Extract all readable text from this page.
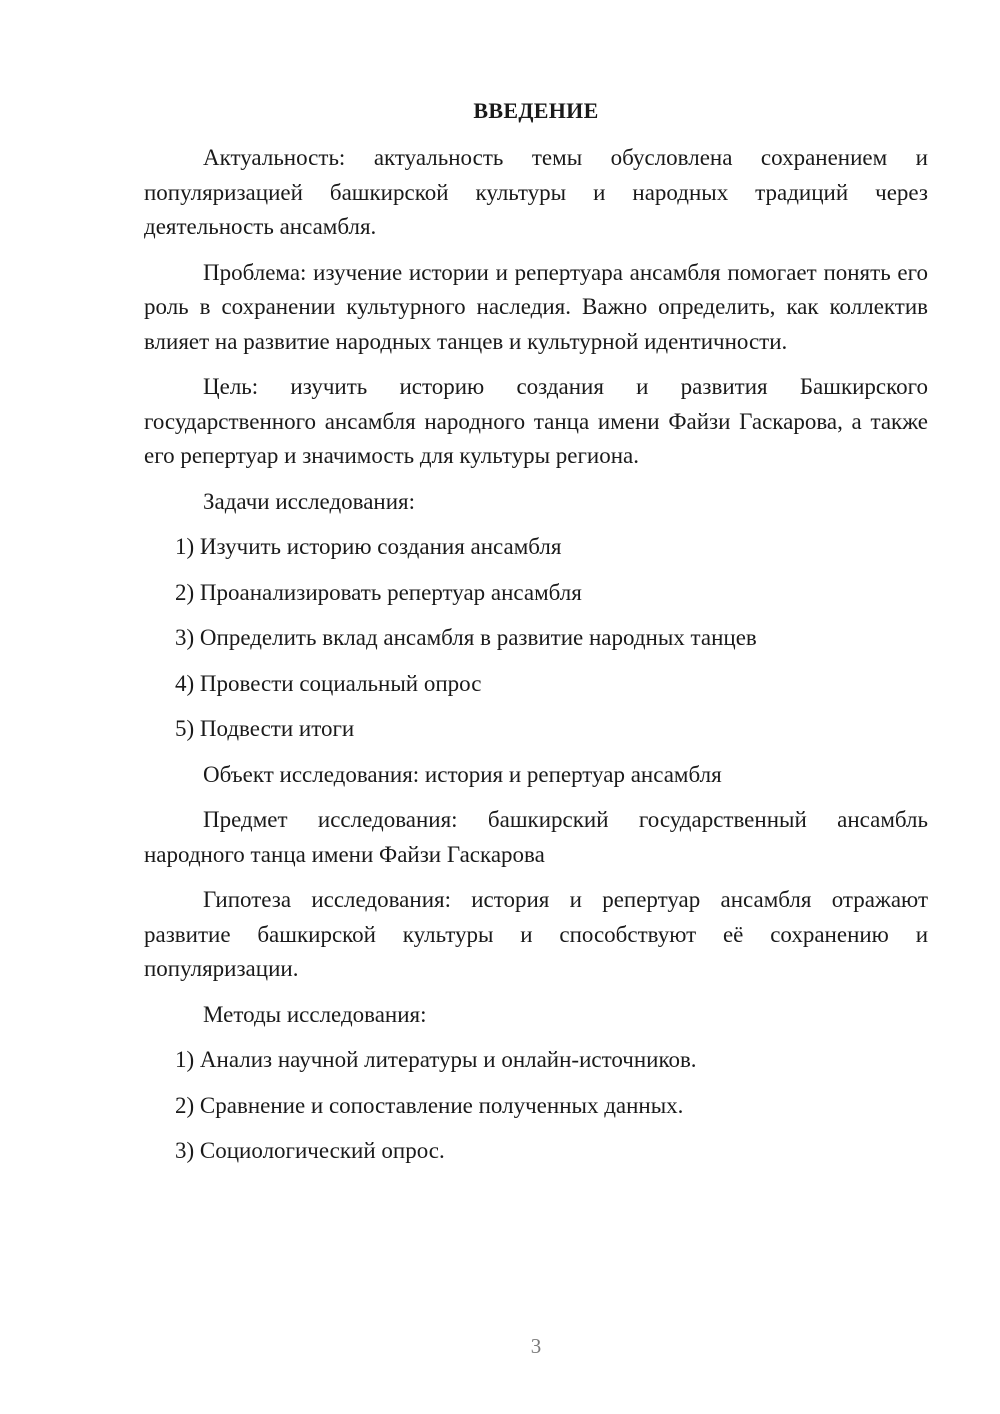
ВВЕДЕНИЕ

Актуальность: актуальность темы обусловлена сохранением и популяризацией башкирской культуры и народных традиций через деятельность ансамбля.

Проблема: изучение истории и репертуара ансамбля помогает понять его роль в сохранении культурного наследия. Важно определить, как коллектив влияет на развитие народных танцев и культурной идентичности.

Цель: изучить историю создания и развития Башкирского государственного ансамбля народного танца имени Файзи Гаскарова, а также его репертуар и значимость для культуры региона.

Задачи исследования:

1) Изучить историю создания ансамбля
2) Проанализировать репертуар ансамбля
3) Определить вклад ансамбля в развитие народных танцев
4) Провести социальный опрос
5) Подвести итоги

Объект исследования: история и репертуар ансамбля

Предмет исследования: башкирский государственный ансамбль народного танца имени Файзи Гаскарова

Гипотеза исследования: история и репертуар ансамбля отражают развитие башкирской культуры и способствуют её сохранению и популяризации.

Методы исследования:

1) Анализ научной литературы и онлайн-источников.
2) Сравнение и сопоставление полученных данных.
3) Социологический опрос.
3
